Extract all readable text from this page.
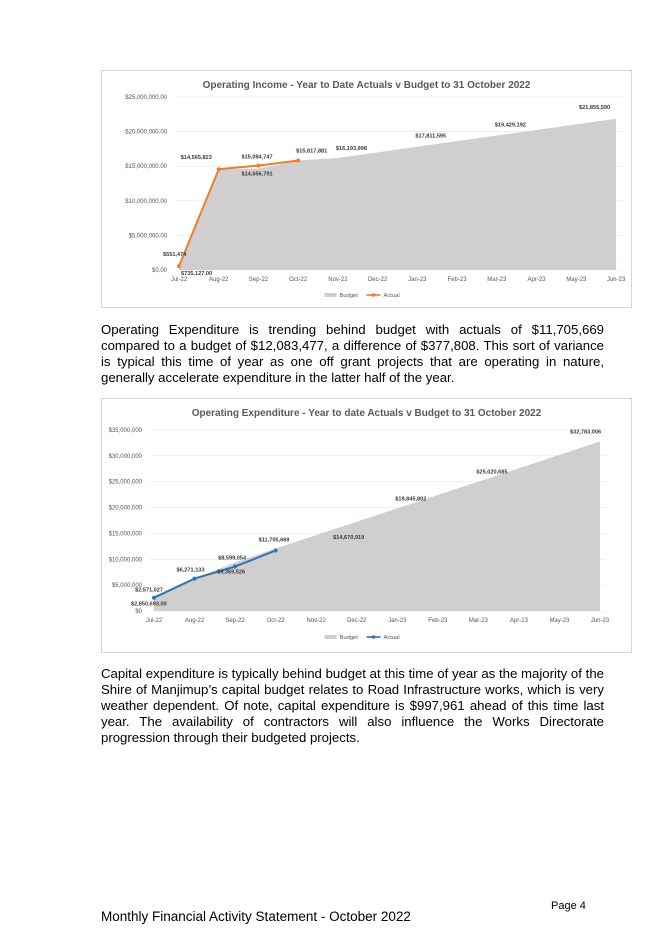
Operating Income - Year to Date Actuals v Budget to 31 October 2022
$25,000,000.00
$20,000,000.00
$15,000,000.00
$10,000,000.00
$5,000,000.00
$0.00
Jul-22	Aug-22	Sep-22	Oct-22	Nov-22	Dec-22	Jan-23	Feb-23	Mar-23	Apr-23	May-23	Jun-23
$551,474
$735,127.00
$14,565,823	$15,084,747
$14,656,791
$15,817,881 $16,193,998
$17,811,595
$19,429,192
$21,855,590
Budget	Actual

Operating Expenditure is trending behind budget with actuals of $11,705,669 compared to a budget of $12,083,477, a difference of $377,808. This sort of variance is typical this time of year as one off grant projects that are operating in nature, generally accelerate expenditure in the latter half of the year.

Operating Expenditure - Year to date Actuals v Budget to 31 October 2022
$35,000,000
$30,000,000
$25,000,000
$20,000,000
$15,000,000
$10,000,000
$5,000,000
$0
Jul-22	Aug-22	Sep-22	Oct-22	Nov-22	Dec-22	Jan-23	Feb-23	Mar-23	Apr-23	May-23	Jun-23
$2,571,027
$2,850,693.00
$6,271,133
$8,599,054
$9,369,526
$11,705,669	$14,670,919
$19,845,802
$25,020,685
$32,783,006
Budget	Actual

Capital expenditure is typically behind budget at this time of year as the majority of the Shire of Manjimup’s capital budget relates to Road Infrastructure works, which is very weather dependent. Of note, capital expenditure is $997,961 ahead of this time last year. The availability of contractors will also influence the Works Directorate progression through their budgeted projects.

Page 4
Monthly Financial Activity Statement - October 2022
